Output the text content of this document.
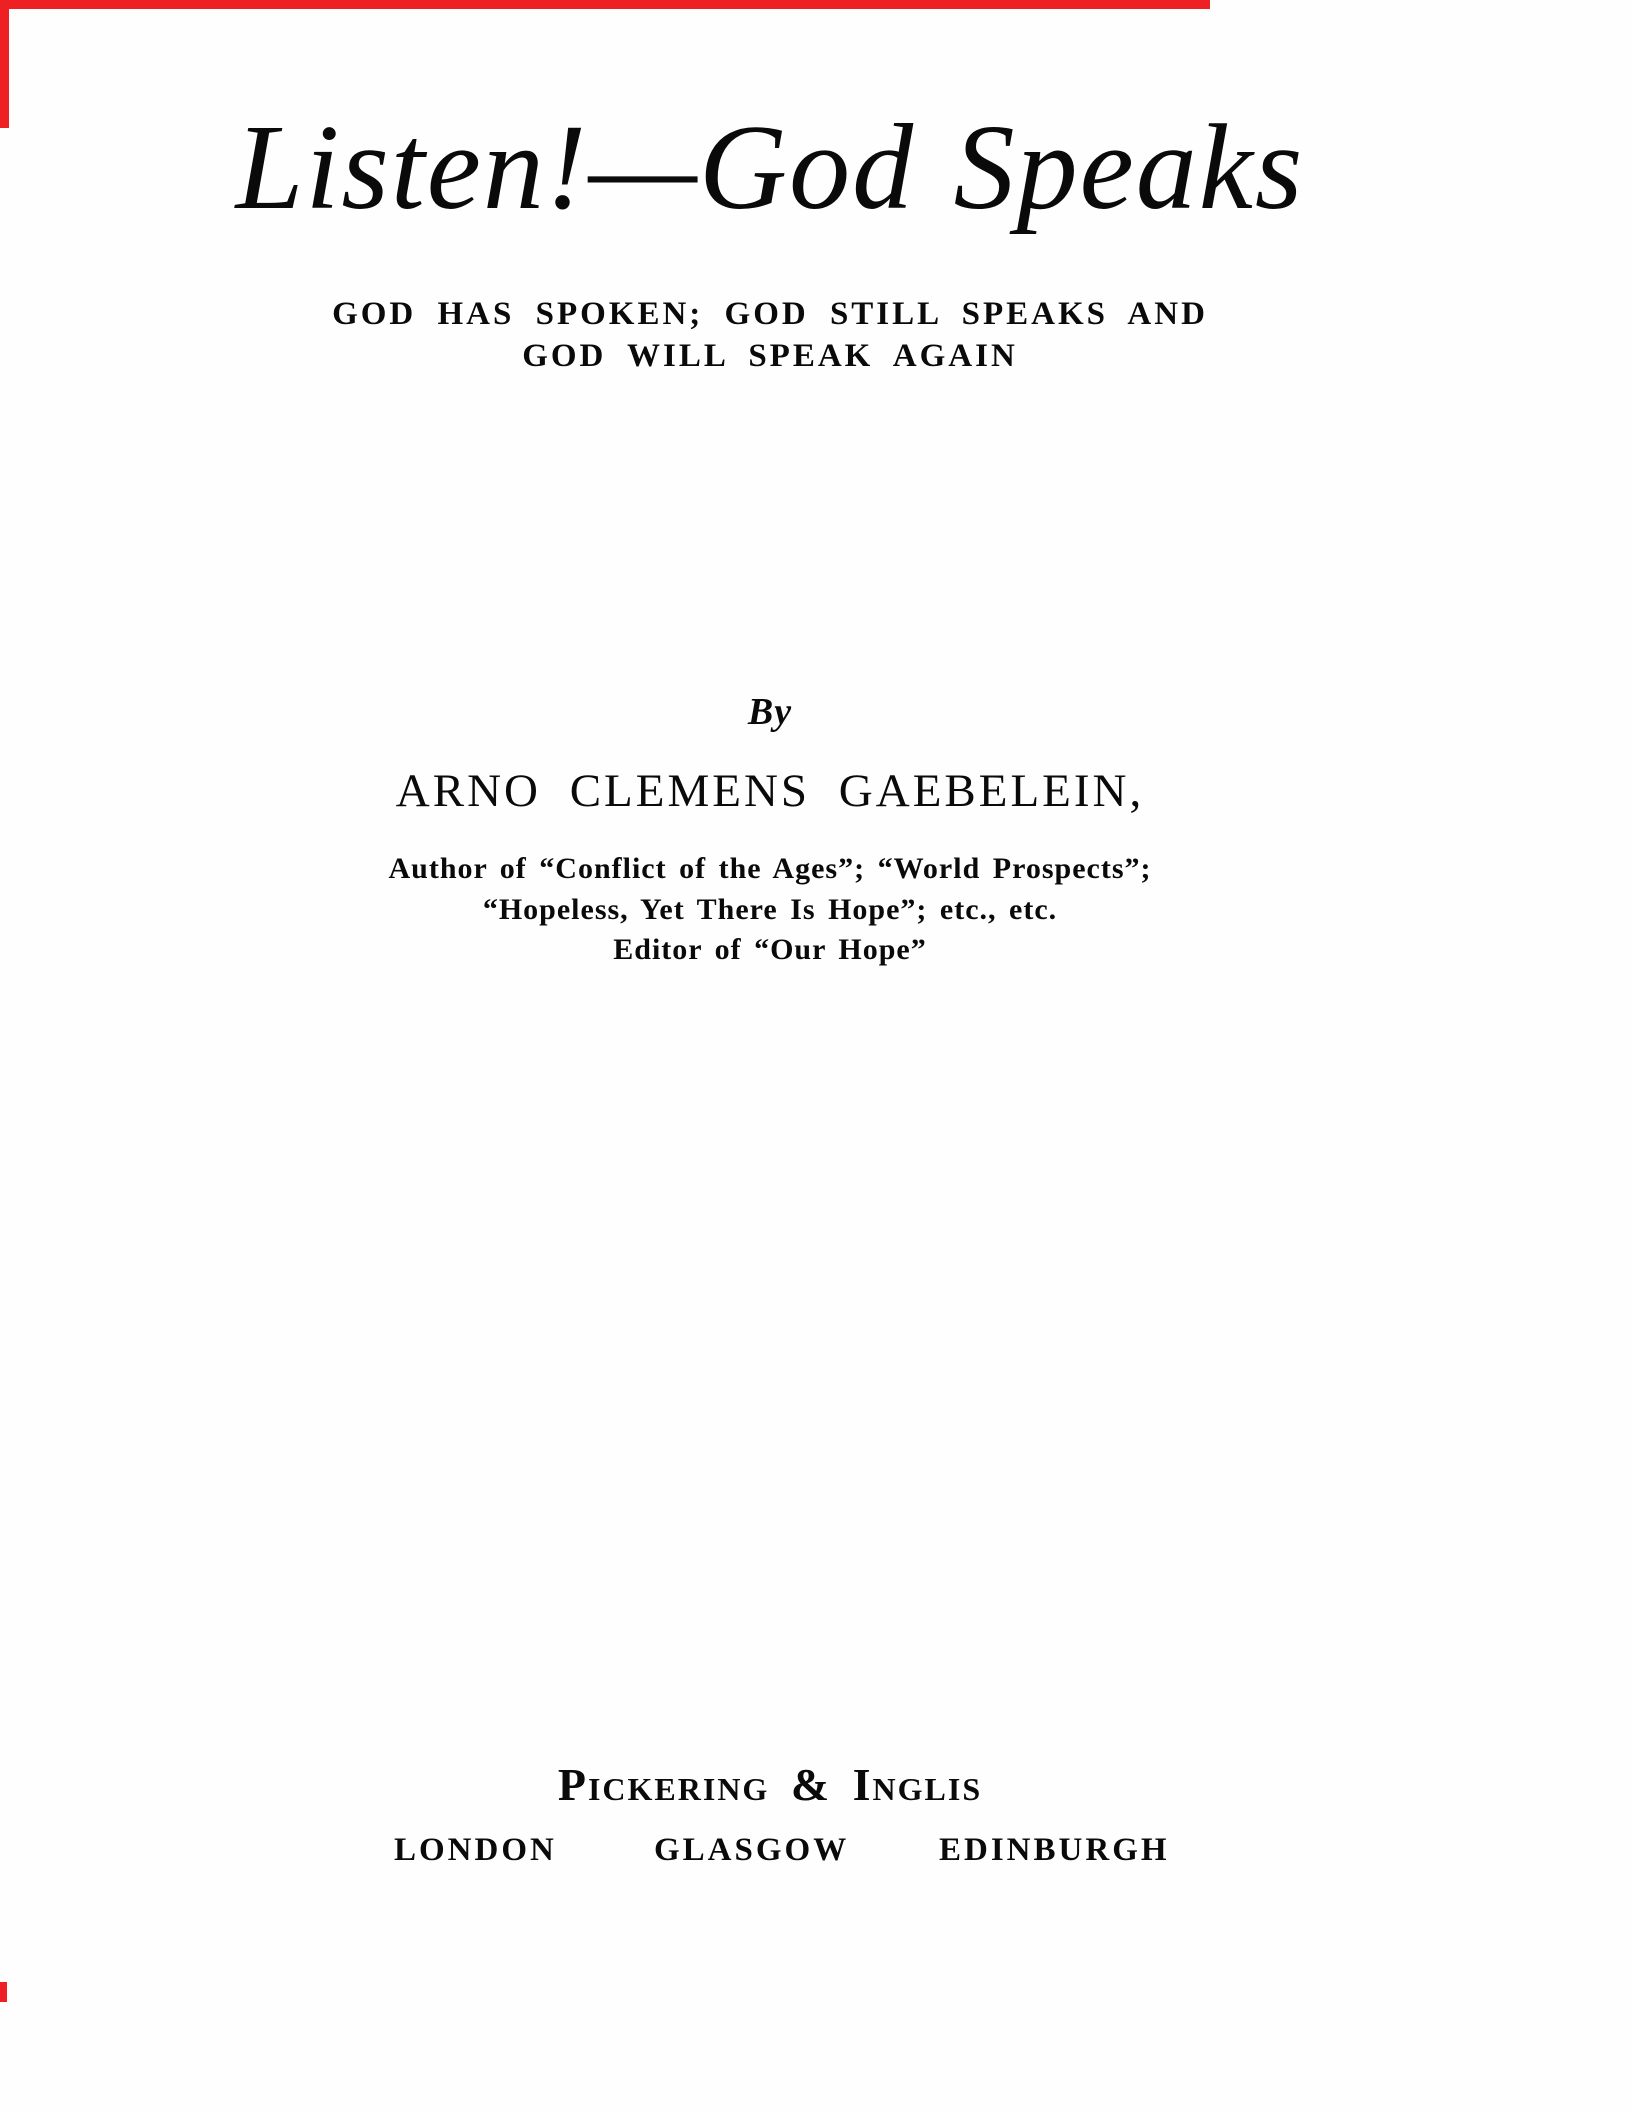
Listen!—God Speaks

GOD HAS SPOKEN; GOD STILL SPEAKS AND

GOD WILL SPEAK AGAIN

By

ARNO CLEMENS GAEBELEIN,

Author of “Conflict of the Ages”; “World Prospects”;

“Hopeless, Yet There Is Hope”; etc., etc.

Editor of “Our Hope”

Pickering & Inglis
LONDON	GLASGOW	EDINBURGH
